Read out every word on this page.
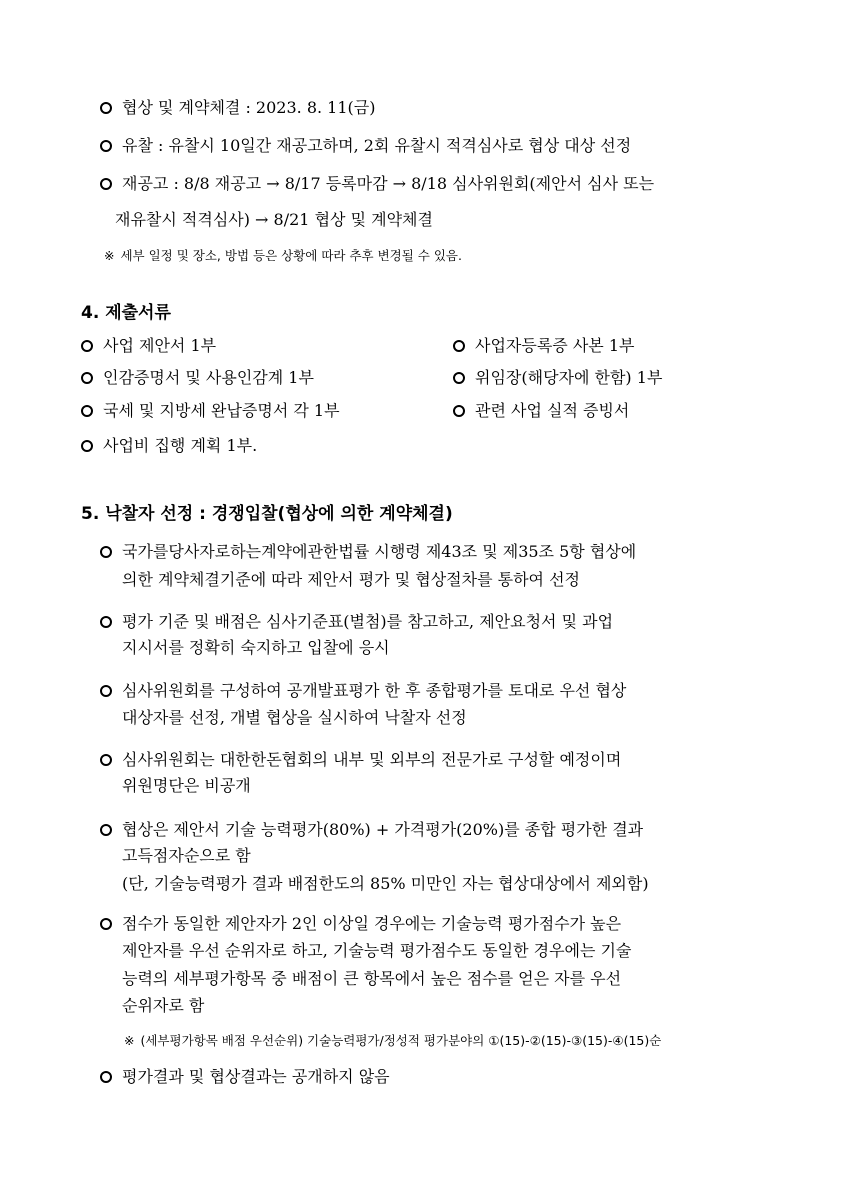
협상 및 계약체결 : 2023. 8. 11(금)
유찰 : 유찰시 10일간 재공고하며, 2회 유찰시 적격심사로 협상 대상 선정
재공고 : 8/8 재공고 → 8/17 등록마감 → 8/18 심사위원회(제안서 심사 또는
재유찰시 적격심사) → 8/21 협상 및 계약체결
※ 세부 일정 및 장소, 방법 등은 상황에 따라 추후 변경될 수 있음.
4. 제출서류
사업 제안서 1부	사업자등록증 사본 1부
인감증명서 및 사용인감계 1부	위임장(해당자에 한함) 1부
국세 및 지방세 완납증명서 각 1부	관련 사업 실적 증빙서
사업비 집행 계획 1부.
5. 낙찰자 선정 : 경쟁입찰(협상에 의한 계약체결)
국가를당사자로하는계약에관한법률 시행령 제43조 및 제35조 5항 협상에
의한 계약체결기준에 따라 제안서 평가 및 협상절차를 통하여 선정
평가 기준 및 배점은 심사기준표(별첨)를 참고하고, 제안요청서 및 과업
지시서를 정확히 숙지하고 입찰에 응시
심사위원회를 구성하여 공개발표평가 한 후 종합평가를 토대로 우선 협상
대상자를 선정, 개별 협상을 실시하여 낙찰자 선정
심사위원회는 대한한돈협회의 내부 및 외부의 전문가로 구성할 예정이며
위원명단은 비공개
협상은 제안서 기술 능력평가(80%) + 가격평가(20%)를 종합 평가한 결과
고득점자순으로 함
(단, 기술능력평가 결과 배점한도의 85% 미만인 자는 협상대상에서 제외함)
점수가 동일한 제안자가 2인 이상일 경우에는 기술능력 평가점수가 높은
제안자를 우선 순위자로 하고, 기술능력 평가점수도 동일한 경우에는 기술
능력의 세부평가항목 중 배점이 큰 항목에서 높은 점수를 얻은 자를 우선
순위자로 함
※ (세부평가항목 배점 우선순위) 기술능력평가/정성적 평가분야의 ①(15)-②(15)-③(15)-④(15)순
평가결과 및 협상결과는 공개하지 않음
